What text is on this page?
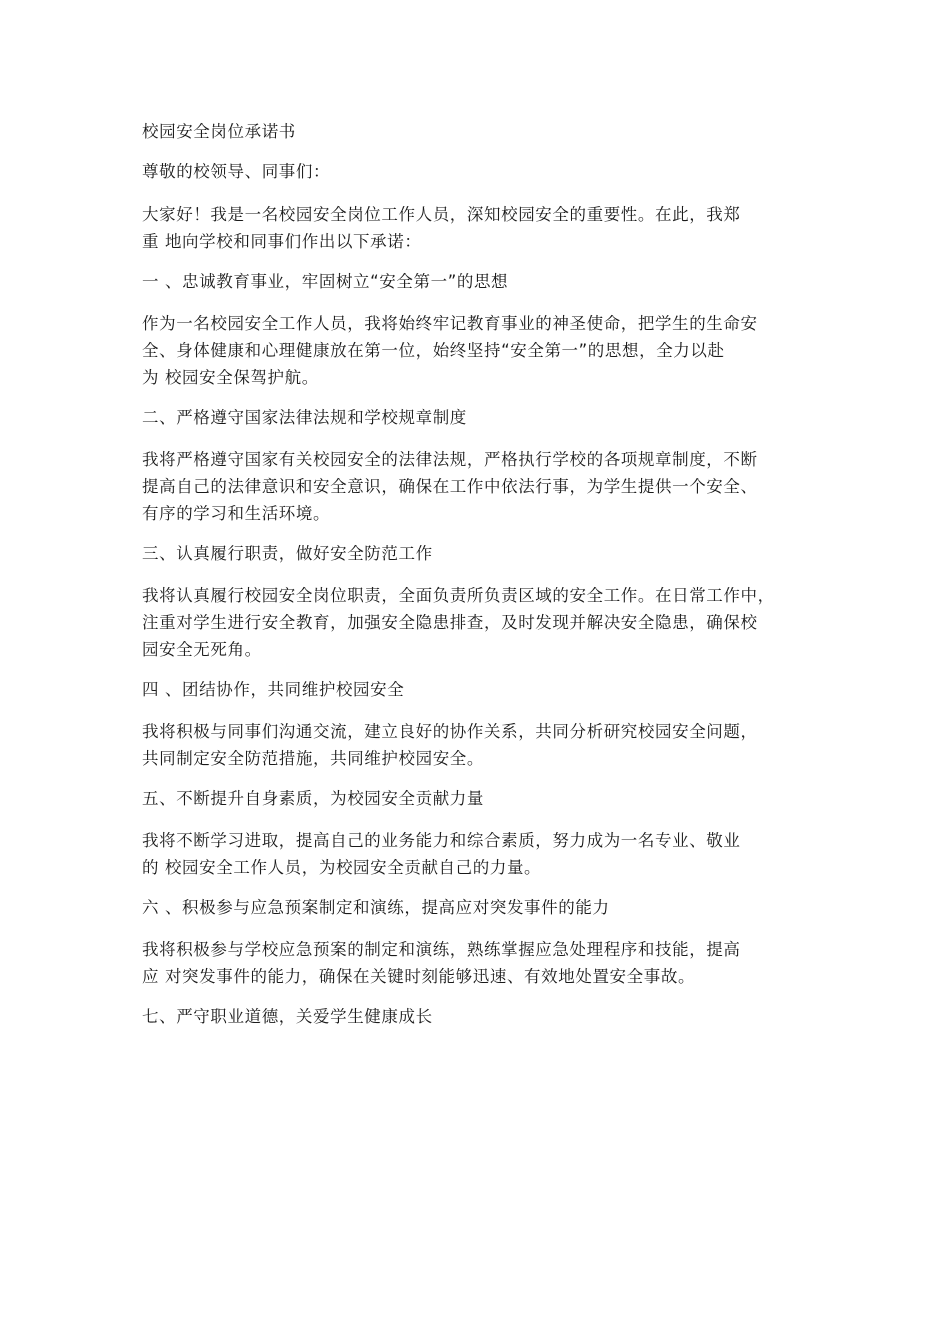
校园安全岗位承诺书

尊敬的校领导、同事们：

大家好！我是一名校园安全岗位工作人员，深知校园安全的重要性。在此，我郑

重 地向学校和同事们作出以下承诺：

一 、忠诚教育事业，牢固树立“安全第一”的思想

作为一名校园安全工作人员，我将始终牢记教育事业的神圣使命，把学生的生命安

全、身体健康和心理健康放在第一位，始终坚持“安全第一”的思想，全力以赴

为 校园安全保驾护航。

二、严格遵守国家法律法规和学校规章制度

我将严格遵守国家有关校园安全的法律法规，严格执行学校的各项规章制度，不断

提高自己的法律意识和安全意识，确保在工作中依法行事，为学生提供一个安全、

有序的学习和生活环境。

三、认真履行职责，做好安全防范工作

我将认真履行校园安全岗位职责，全面负责所负责区域的安全工作。在日常工作中，

注重对学生进行安全教育，加强安全隐患排查，及时发现并解决安全隐患，确保校

园安全无死角。

四 、团结协作，共同维护校园安全

我将积极与同事们沟通交流，建立良好的协作关系，共同分析研究校园安全问题，

共同制定安全防范措施，共同维护校园安全。

五、不断提升自身素质，为校园安全贡献力量

我将不断学习进取，提高自己的业务能力和综合素质，努力成为一名专业、敬业

的 校园安全工作人员，为校园安全贡献自己的力量。

六 、积极参与应急预案制定和演练，提高应对突发事件的能力

我将积极参与学校应急预案的制定和演练，熟练掌握应急处理程序和技能，提高

应 对突发事件的能力，确保在关键时刻能够迅速、有效地处置安全事故。

七、严守职业道德，关爱学生健康成长
